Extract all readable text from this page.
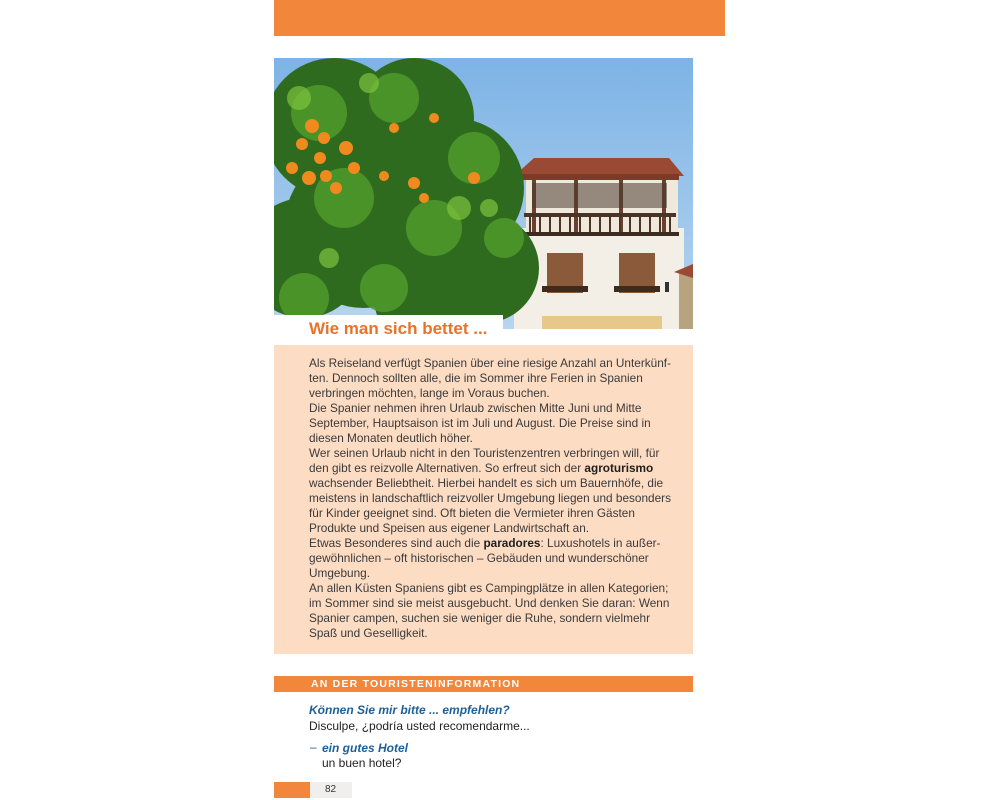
Wie man sich bettet ...

Als Reiseland verfügt Spanien über eine riesige Anzahl an Unterkünf-
ten. Dennoch sollten alle, die im Sommer ihre Ferien in Spanien
verbringen möchten, lange im Voraus buchen.

Die Spanier nehmen ihren Urlaub zwischen Mitte Juni und Mitte
September, Hauptsaison ist im Juli und August. Die Preise sind in
diesen Monaten deutlich höher.

Wer seinen Urlaub nicht in den Touristenzentren verbringen will, für
den gibt es reizvolle Alternativen. So erfreut sich der agroturismo
wachsender Beliebtheit. Hierbei handelt es sich um Bauernhöfe, die
meistens in landschaftlich reizvoller Umgebung liegen und besonders
für Kinder geeignet sind. Oft bieten die Vermieter ihren Gästen
Produkte und Speisen aus eigener Landwirtschaft an.

Etwas Besonderes sind auch die paradores: Luxushotels in außer-
gewöhnlichen – oft historischen – Gebäuden und wunderschöner
Umgebung.

An allen Küsten Spaniens gibt es Campingplätze in allen Kategorien;
im Sommer sind sie meist ausgebucht. Und denken Sie daran: Wenn
Spanier campen, suchen sie weniger die Ruhe, sondern vielmehr
Spaß und Geselligkeit.

AN DER TOURISTENINFORMATION
Können Sie mir bitte ... empfehlen?
Disculpe, ¿podría usted recomendarme...
– ein gutes Hotel
un buen hotel?
82
